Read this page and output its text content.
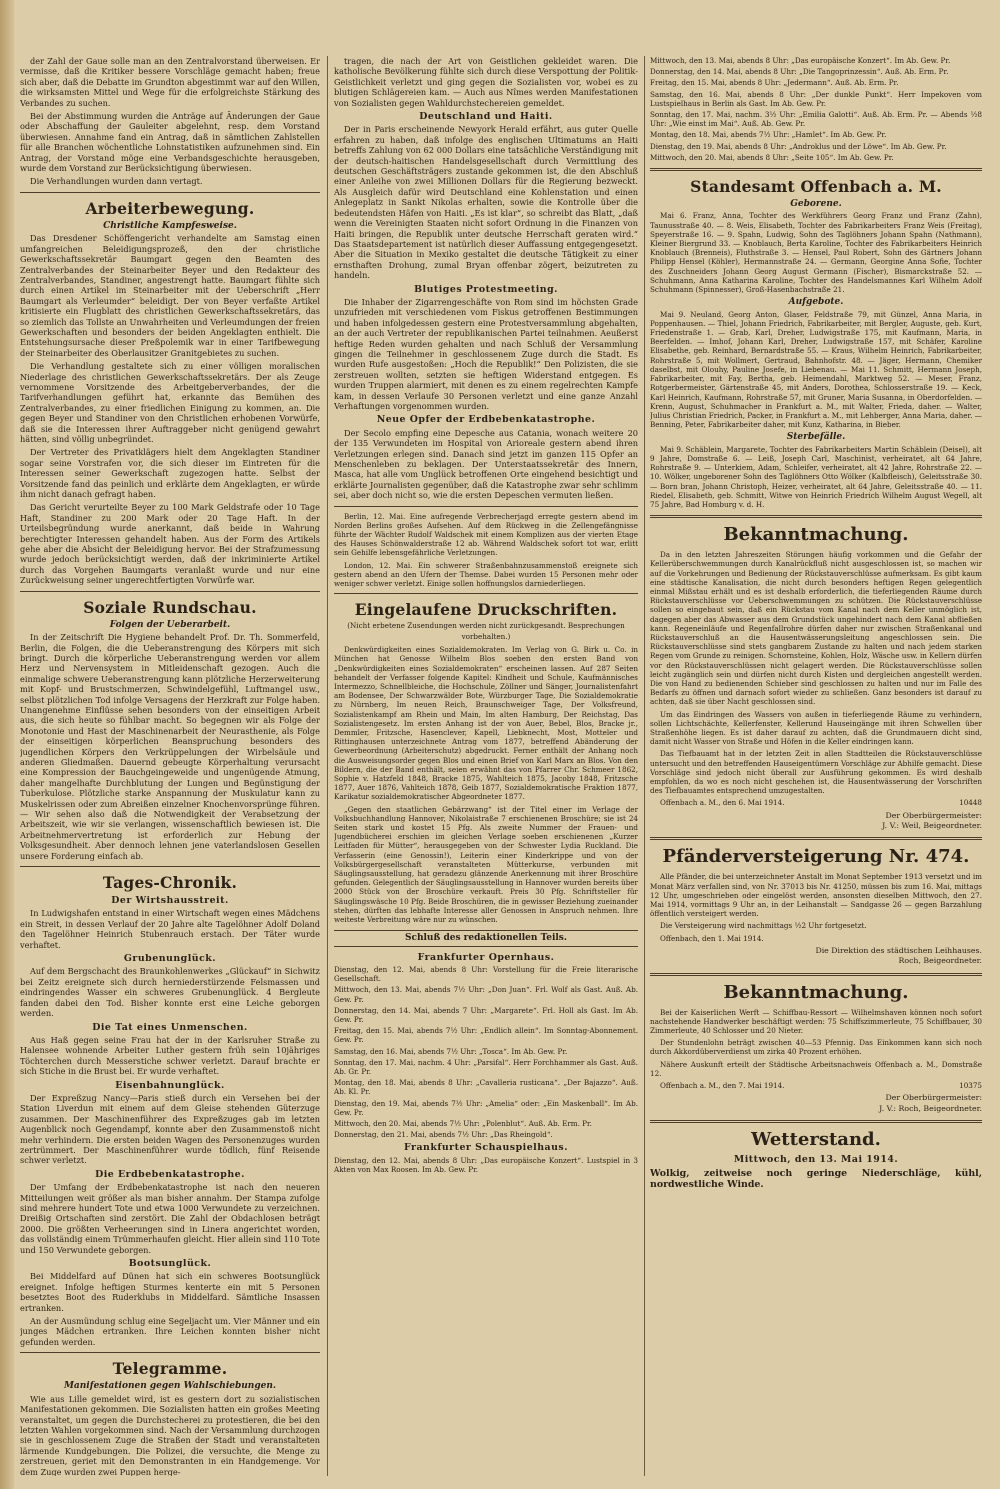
der Zahl der Gaue solle man an den Zentralvorstand überweisen. Er vermisse, daß die Kritiker bessere Vorschläge gemacht haben; freue sich aber, daß die Debatte im Grundton abgestimmt war auf den Willen, die wirksamsten Mittel und Wege für die erfolgreichste Stärkung des Verbandes zu suchen.

Bei der Abstimmung wurden die Anträge auf Änderungen der Gaue oder Abschaffung der Gauleiter abgelehnt, resp. dem Vorstand überwiesen. Annahme fand ein Antrag, daß in sämtlichen Zahlstellen für alle Branchen wöchentliche Lohnstatistiken aufzunehmen sind. Ein Antrag, der Vorstand möge eine Verbandsgeschichte herausgeben, wurde dem Vorstand zur Berücksichtigung überwiesen.

Die Verhandlungen wurden dann vertagt.

Arbeiterbewegung.
Christliche Kampfesweise.

Das Dresdener Schöffengericht verhandelte am Samstag einen umfangreichen Beleidigungsprozeß, den der christliche Gewerkschaftssekretär Baumgart gegen den Beamten des Zentralverbandes der Steinarbeiter Beyer und den Redakteur des Zentralverbandes, Standiner, angestrengt hatte. Baumgart fühlte sich durch einen Artikel im Steinarbeiter mit der Ueberschrift „Herr Baumgart als Verleumder“ beleidigt. Der von Beyer verfaßte Artikel kritisierte ein Flugblatt des christlichen Gewerkschaftssekretärs, das so ziemlich das Tollste an Unwahrheiten und Verleumdungen der freien Gewerkschaften und besonders der beiden Angeklagten enthielt. Die Entstehungsursache dieser Preßpolemik war in einer Tarifbewegung der Steinarbeiter des Oberlausitzer Granitgebietes zu suchen.

Die Verhandlung gestaltete sich zu einer völligen moralischen Niederlage des christlichen Gewerkschaftssekretärs. Der als Zeuge vernommene Vorsitzende des Arbeitgeberverbandes, der die Tarifverhandlungen geführt hat, erkannte das Bemühen des Zentralverbandes, zu einer friedlichen Einigung zu kommen, an. Die gegen Beyer und Standiner von den Christlichen erhobenen Vorwürfe, daß sie die Interessen ihrer Auftraggeber nicht genügend gewahrt hätten, sind völlig unbegründet.

Der Vertreter des Privatklägers hielt dem Angeklagten Standiner sogar seine Vorstrafen vor, die sich dieser im Eintreten für die Interessen seiner Gewerkschaft zugezogen hatte. Selbst der Vorsitzende fand das peinlich und erklärte dem Angeklagten, er würde ihm nicht danach gefragt haben.

Das Gericht verurteilte Beyer zu 100 Mark Geldstrafe oder 10 Tage Haft, Standiner zu 200 Mark oder 20 Tage Haft. In der Urteilsbegründung wurde anerkannt, daß beide in Wahrung berechtigter Interessen gehandelt haben. Aus der Form des Artikels gehe aber die Absicht der Beleidigung hervor. Bei der Strafzumessung wurde jedoch berücksichtigt werden, daß der inkriminierte Artikel durch das Vorgehen Baumgarts veranlaßt wurde und nur eine Zurückweisung seiner ungerechtfertigten Vorwürfe war.

Soziale Rundschau.
Folgen der Ueberarbeit.

In der Zeitschrift Die Hygiene behandelt Prof. Dr. Th. Sommerfeld, Berlin, die Folgen, die die Ueberanstrengung des Körpers mit sich bringt. Durch die körperliche Ueberanstrengung werden vor allem Herz und Nervensystem in Mitleidenschaft gezogen. Auch die einmalige schwere Ueberanstrengung kann plötzliche Herzerweiterung mit Kopf- und Brustschmerzen, Schwindelgefühl, Luftmangel usw., selbst plötzlichen Tod infolge Versagens der Herzkraft zur Folge haben. Unangenehme Einflüsse sehen besonders von der einseitigen Arbeit aus, die sich heute so fühlbar macht. So begegnen wir als Folge der Monotonie und Hast der Maschinenarbeit der Neurasthenie, als Folge der einseitigen körperlichen Beanspruchung besonders des jugendlichen Körpers den Verkrüppelungen der Wirbelsäule und anderen Gliedmaßen. Dauernd gebeugte Körperhaltung verursacht eine Kompression der Bauchgeingeweide und ungenügende Atmung, daher mangelhafte Durchblutung der Lungen und Begünstigung der Tuberkulose. Plötzliche starke Anspannung der Muskulatur kann zu Muskelrissen oder zum Abreißen einzelner Knochenvorsprünge führen. — Wir sehen also daß die Notwendigkeit der Verabsetzung der Arbeitszeit, wie wir sie verlangen, wissenschaftlich bewiesen ist. Die Arbeitnehmervertretung ist erforderlich zur Hebung der Volksgesundheit. Aber dennoch lehnen jene vaterlandslosen Gesellen unsere Forderung einfach ab.

Tages-Chronik.
Der Wirtshausstreit.

In Ludwigshafen entstand in einer Wirtschaft wegen eines Mädchens ein Streit, in dessen Verlauf der 20 Jahre alte Tagelöhner Adolf Doland den Tagelöhner Heinrich Stubenrauch erstach. Der Täter wurde verhaftet.

Grubenunglück.

Auf dem Bergschacht des Braunkohlenwerkes „Glückauf“ in Sichwitz bei Zeitz ereignete sich durch herniederstürzende Felsmassen und eindringendes Wasser ein schweres Grubenunglück. 4 Bergleute fanden dabei den Tod. Bisher konnte erst eine Leiche geborgen werden.

Die Tat eines Unmenschen.

Aus Haß gegen seine Frau hat der in der Karlsruher Straße zu Halensee wohnende Arbeiter Luther gestern früh sein 10jähriges Töchterchen durch Messerstiche schwer verletzt. Darauf brachte er sich Stiche in die Brust bei. Er wurde verhaftet.

Eisenbahnunglück.

Der Expreßzug Nancy—Paris stieß durch ein Versehen bei der Station Liverdun mit einem auf dem Gleise stehenden Güterzuge zusammen. Der Maschinenführer des Expreßzuges gab im letzten Augenblick noch Gegendampf, konnte aber den Zusammenstoß nicht mehr verhindern. Die ersten beiden Wagen des Personenzuges wurden zertrümmert. Der Maschinenführer wurde tödlich, fünf Reisende schwer verletzt.

Die Erdbebenkatastrophe.

Der Umfang der Erdbebenkatastrophe ist nach den neueren Mitteilungen weit größer als man bisher annahm. Der Stampa zufolge sind mehrere hundert Tote und etwa 1000 Verwundete zu verzeichnen. Dreißig Ortschaften sind zerstört. Die Zahl der Obdachlosen beträgt 2000. Die größten Verheerungen sind in Linera angerichtet worden, das vollständig einem Trümmerhaufen gleicht. Hier allein sind 110 Tote und 150 Verwundete geborgen.

Bootsunglück.

Bei Middelfard auf Dünen hat sich ein schweres Bootsunglück ereignet. Infolge heftigen Sturmes kenterte ein mit 5 Personen besetztes Boot des Ruderklubs in Middelfard. Sämtliche Insassen ertranken.

An der Ausmündung schlug eine Segeljacht um. Vier Männer und ein junges Mädchen ertranken. Ihre Leichen konnten bisher nicht gefunden werden.

Telegramme.
Manifestationen gegen Wahlschiebungen.

Wie aus Lille gemeldet wird, ist es gestern dort zu sozialistischen Manifestationen gekommen. Die Sozialisten hatten ein großes Meeting veranstaltet, um gegen die Durchstecherei zu protestieren, die bei den letzten Wahlen vorgekommen sind. Nach der Versammlung durchzogen sie in geschlossenem Zuge die Straßen der Stadt und veranstalteten lärmende Kundgebungen. Die Polizei, die versuchte, die Menge zu zerstreuen, geriet mit den Demonstranten in ein Handgemenge. Vor dem Zuge wurden zwei Puppen herge-

tragen, die nach der Art von Geistlichen gekleidet waren. Die katholische Bevölkerung fühlte sich durch diese Verspottung der Politik-Geistlichkeit verletzt und ging gegen die Sozialisten vor, wobei es zu blutigen Schlägereien kam. — Auch aus Nîmes werden Manifestationen von Sozialisten gegen Wahldurchstechereien gemeldet.

Deutschland und Haiti.

Der in Paris erscheinende Newyork Herald erfährt, aus guter Quelle erfahren zu haben, daß infolge des englischen Ultimatums an Haiti betreffs Zahlung von 62 000 Dollars eine tatsächliche Verständigung mit der deutsch-haitischen Handelsgesellschaft durch Vermittlung des deutschen Geschäftsträgers zustande gekommen ist, die den Abschluß einer Anleihe von zwei Millionen Dollars für die Regierung bezweckt. Als Ausgleich dafür wird Deutschland eine Kohlenstation und einen Anlegeplatz in Sankt Nikolas erhalten, sowie die Kontrolle über die bedeutendsten Häfen von Haiti. „Es ist klar“, so schreibt das Blatt, „daß wenn die Vereinigten Staaten nicht sofort Ordnung in die Finanzen von Haiti bringen, die Republik unter deutsche Herrschaft geraten wird.“ Das Staatsdepartement ist natürlich dieser Auffassung entgegengesetzt. Aber die Situation in Mexiko gestaltet die deutsche Tätigkeit zu einer ernsthaften Drohung, zumal Bryan offenbar zögert, beizutreten zu handeln.

Blutiges Protestmeeting.

Die Inhaber der Zigarrengeschäfte von Rom sind im höchsten Grade unzufrieden mit verschiedenen vom Fiskus getroffenen Bestimmungen und haben infolgedessen gestern eine Protestversammlung abgehalten, an der auch Vertreter der republikanischen Partei teilnahmen. Aeußerst heftige Reden wurden gehalten und nach Schluß der Versammlung gingen die Teilnehmer in geschlossenem Zuge durch die Stadt. Es wurden Rufe ausgestoßen: „Hoch die Republik!“ Den Polizisten, die sie zerstreuen wollten, setzten sie heftigen Widerstand entgegen. Es wurden Truppen alarmiert, mit denen es zu einem regelrechten Kampfe kam, in dessen Verlaufe 30 Personen verletzt und eine ganze Anzahl Verhaftungen vorgenommen wurden.

Neue Opfer der Erdbebenkatastrophe.

Der Secolo empfing eine Depesche aus Catania, wonach weitere 20 der 135 Verwundeten im Hospital von Arioreale gestern abend ihren Verletzungen erlegen sind. Danach sind jetzt im ganzen 115 Opfer an Menschenleben zu beklagen. Der Unterstaatssekretär des Innern, Masca, hat alle vom Unglück betroffenen Orte eingehend besichtigt und erklärte Journalisten gegenüber, daß die Katastrophe zwar sehr schlimm sei, aber doch nicht so, wie die ersten Depeschen vermuten ließen.

Berlin, 12. Mai. Eine aufregende Verbrecherjagd erregte gestern abend im Norden Berlins großes Aufsehen. Auf dem Rückweg in die Zellengefängnisse führte der Wächter Rudolf Waldschek mit einem Komplizen aus der vierten Etage des Hauses Schönwalderstraße 12 ab. Während Waldschek sofort tot war, erlitt sein Gehilfe lebensgefährliche Verletzungen.

London, 12. Mai. Ein schwerer Straßenbahnzusammenstoß ereignete sich gestern abend an den Ufern der Themse. Dabei wurden 15 Personen mehr oder weniger schwer verletzt. Einige sollen hoffnungslos darniederliegen.

Eingelaufene Druckschriften.
(Nicht erbetene Zusendungen werden nicht zurückgesandt. Besprechungen vorbehalten.)

Denkwürdigkeiten eines Sozialdemokraten. Im Verlag von G. Birk u. Co. in München hat Genosse Wilhelm Blos soeben den ersten Band von „Denkwürdigkeiten eines Sozialdemokraten“ erscheinen lassen. Auf 287 Seiten behandelt der Verfasser folgende Kapitel: Kindheit und Schule, Kaufmännisches Intermezzo, Schnellbleiche, die Hochschule, Zöllner und Sänger, Journalistenfahrt am Bodensee, Der Schwarzwälder Bote, Würzburger Tage, Die Sozialdemokratie zu Nürnberg, Im neuen Reich, Braunschweiger Tage, Der Volksfreund, Sozialistenkampf am Rhein und Main, Im alten Hamburg, Der Reichstag, Das Sozialistengesetz. Im ersten Anhang ist der von Auer, Bebel, Blos, Bracke jr., Demmler, Fritzsche, Hasenclever, Kapell, Liebknecht, Most, Motteler und Rittinghausen unterzeichnete Antrag vom 1877, betreffend Abänderung der Gewerbeordnung (Arbeiterschutz) abgedruckt. Ferner enthält der Anhang noch die Ausweisungsorder gegen Blos und einen Brief von Karl Marx an Blos. Von den Bildern, die der Band enthält, seien erwähnt das von Pfarrer Chr. Schmeer 1862, Sophie v. Hatzfeld 1848, Bracke 1875, Wahlteich 1875, Jacoby 1848, Fritzsche 1877, Auer 1876, Vahlteich 1878, Geib 1877, Sozialdemokratische Fraktion 1877, Karikatur sozialdemokratischer Abgeordneter 1877.

„Gegen den staatlichen Gebärzwang“ ist der Titel einer im Verlage der Volksbuchhandlung Hannover, Nikolaistraße 7 erschienenen Broschüre; sie ist 24 Seiten stark und kostet 15 Pfg. Als zweite Nummer der Frauen- und Jugendbücherei erschien im gleichen Verlage soeben erschienenen „Kurzer Leitfaden für Mütter“, herausgegeben von der Schwester Lydia Ruckland. Die Verfasserin (eine Genossin!), Leiterin einer Kinderkrippe und von der Volksbürgergesellschaft veranstalteten Mütterkurse, verbunden mit Säuglingsausstellung, hat geradezu glänzende Anerkennung mit ihrer Broschüre gefunden. Gelegentlich der Säuglingsausstellung in Hannover wurden bereits über 2000 Stück von der Broschüre verkauft. Preis 30 Pfg. Schriftsteller für Säuglingswäsche 10 Pfg. Beide Broschüren, die in gewisser Beziehung zueinander stehen, dürften das lebhafte Interesse aller Genossen in Anspruch nehmen. Ihre weiteste Verbreitung wäre nur zu wünschen.

Schluß des redaktionellen Teils.
Frankfurter Opernhaus.

Dienstag, den 12. Mai, abends 8 Uhr: Vorstellung für die Freie literarische Gesellschaft.

Mittwoch, den 13. Mai, abends 7½ Uhr: „Don Juan“. Frl. Wolf als Gast. Auß. Ab. Gew. Pr.

Donnerstag, den 14. Mai, abends 7 Uhr: „Margarete“. Frl. Holl als Gast. Im Ab. Gew. Pr.

Freitag, den 15. Mai, abends 7½ Uhr: „Endlich allein“. Im Sonntag-Abonnement. Gew. Pr.

Samstag, den 16. Mai, abends 7½ Uhr: „Tosca“. Im Ab. Gew. Pr.

Sonntag, den 17. Mai, nachm. 4 Uhr: „Parsifal“. Herr Forchhammer als Gast. Auß. Ab. Gr. Pr.

Montag, den 18. Mai, abends 8 Uhr: „Cavalleria rusticana“. „Der Bajazzo“. Auß. Ab. Kl. Pr.

Dienstag, den 19. Mai, abends 7½ Uhr: „Amelia“ oder: „Ein Maskenball“. Im Ab. Gew. Pr.

Mittwoch, den 20. Mai, abends 7½ Uhr: „Polenblut“. Auß. Ab. Erm. Pr.

Donnerstag, den 21. Mai, abends 7½ Uhr: „Das Rheingold“.

Frankfurter Schauspielhaus.

Dienstag, den 12. Mai, abends 8 Uhr: „Das europäische Konzert“. Lustspiel in 3 Akten von Max Roosen. Im Ab. Gew. Pr.

Mittwoch, den 13. Mai, abends 8 Uhr: „Das europäische Konzert“. Im Ab. Gew. Pr.

Donnerstag, den 14. Mai, abends 8 Uhr: „Die Tangoprinzessin“. Auß. Ab. Erm. Pr.

Freitag, den 15. Mai, abends 8 Uhr: „Jedermann“. Auß. Ab. Erm. Pr.

Samstag, den 16. Mai, abends 8 Uhr: „Der dunkle Punkt“. Herr Impekoven vom Lustspielhaus in Berlin als Gast. Im Ab. Gew. Pr.

Sonntag, den 17. Mai, nachm. 3½ Uhr: „Emilia Galotti“. Auß. Ab. Erm. Pr. — Abends ½8 Uhr: „Wie einst im Mai“. Auß. Ab. Gew. Pr.

Montag, den 18. Mai, abends 7½ Uhr: „Hamlet“. Im Ab. Gew. Pr.

Dienstag, den 19. Mai, abends 8 Uhr: „Androklus und der Löwe“. Im Ab. Gew. Pr.

Mittwoch, den 20. Mai, abends 8 Uhr: „Seite 105“. Im Ab. Gew. Pr.

Standesamt Offenbach a. M.
Geborene.

Mai 6. Franz, Anna, Tochter des Werkführers Georg Franz und Franz (Zahn), Taunusstraße 40. — 8. Weis, Elisabeth, Tochter des Fabrikarbeiters Franz Weis (Freitag), Speyerstraße 16. — 9. Spahn, Ludwig, Sohn des Taglöhners Johann Spahn (Nathmann), Kleiner Biergrund 33. — Knoblauch, Berta Karoline, Tochter des Fabrikarbeiters Heinrich Knoblauch (Brenneis), Fluthstraße 3. — Hensel, Paul Robert, Sohn des Gärtners Johann Philipp Hensel (Köhler), Hermannstraße 24. — Germann, Georgine Anna Sofie, Tochter des Zuschneiders Johann Georg August Germann (Fischer), Bismarckstraße 52. — Schuhmann, Anna Katharina Karoline, Tochter des Handelsmannes Karl Wilhelm Adolf Schuhmann (Spinnesser), Groß-Hasenbachstraße 21.

Aufgebote.

Mai 9. Neuland, Georg Anton, Glaser, Feldstraße 79, mit Günzel, Anna Maria, in Poppenhausen. — Thiel, Johann Friedrich, Fabrikarbeiter, mit Bergler, Auguste, geb. Kurt, Friedenstraße 1. — Grab, Karl, Dreher, Ludwigstraße 175, mit Kaufmann, Maria, in Beerfelden. — Imhof, Johann Karl, Dreher, Ludwigstraße 157, mit Schäfer, Karoline Elisabethe, geb. Reinhard, Bernardstraße 55. — Kraus, Wilhelm Heinrich, Fabrikarbeiter, Rohrstraße 5, mit Wollmert, Gertraud, Bahnhofstr. 48. — Jäger, Hermann, Chemiker daselbst, mit Olouhy, Pauline Josefe, in Liebenau. — Mai 11. Schmitt, Hermann Joseph, Fabrikarbeiter, mit Fay, Bertha, geb. Heimendahl, Marktweg 52. — Meser, Franz, Rotgerbermeister, Gärtenstraße 45, mit Anders, Dorothea, Schlosserstraße 19. — Keck, Karl Heinrich, Kaufmann, Rohrstraße 57, mit Gruner, Maria Susanna, in Oberdorfelden. — Krenn, August, Schuhmacher in Frankfurt a. M., mit Walter, Frieda, daher. — Walter, Julius Christian Friedrich, Packer, in Frankfurt a. M., mit Lehberger, Anna Maria, daher. — Benning, Peter, Fabrikarbeiter daher, mit Kunz, Katharina, in Bieber.

Sterbefälle.

Mai 9. Schäblein, Margarete, Tochter des Fabrikarbeiters Martin Schäblein (Deisel), alt 9 Jahre, Domstraße 6. — Leiß, Joseph Carl, Maschinist, verheiratet, alt 64 Jahre, Rohrstraße 9. — Unterkiem, Adam, Schleifer, verheiratet, alt 42 Jahre, Rohrstraße 22. — 10. Wölker, ungeborener Sohn des Taglöhners Otto Wölker (Kalbfleisch), Geleitsstraße 30. — Born bran, Johann Christoph, Heizer, verheiratet, alt 64 Jahre, Geleitsstraße 40. — 11. Riedel, Elisabeth, geb. Schmitt, Witwe von Heinrich Friedrich Wilhelm August Wegell, alt 75 Jahre, Bad Homburg v. d. H.

Bekanntmachung.

Da in den letzten Jahreszeiten Störungen häufig vorkommen und die Gefahr der Kellerüberschwemmungen durch Kanalrückfluß nicht ausgeschlossen ist, so machen wir auf die Vorkehrungen und Bedienung der Rückstauverschlüsse aufmerksam. Es gibt kaum eine städtische Kanalisation, die nicht durch besonders heftigen Regen gelegentlich einmal Mißstau erhält und es ist deshalb erforderlich, die tieferliegenden Räume durch Rückstauverschlüsse vor Ueberschwemmungen zu schützen. Die Rückstauverschlüsse sollen so eingebaut sein, daß ein Rückstau vom Kanal nach dem Keller unmöglich ist, dagegen aber das Abwasser aus dem Grundstück ungehindert nach dem Kanal abfließen kann. Regeneinläufe und Regenfallrohre dürfen daher nur zwischen Straßenkanal und Rückstauverschluß an die Hausentwässerungsleitung angeschlossen sein. Die Rückstauverschlüsse sind stets gangbarem Zustande zu halten und nach jedem starken Regen vom Grunde zu reinigen. Schornsteine, Kohlen, Holz, Wäsche usw. in Kellern dürfen vor den Rückstauverschlüssen nicht gelagert werden. Die Rückstauverschlüsse sollen leicht zugänglich sein und dürfen nicht durch Kisten und dergleichen angestellt werden. Die von Hand zu bedienenden Schieber sind geschlossen zu halten und nur im Falle des Bedarfs zu öffnen und darnach sofort wieder zu schließen. Ganz besonders ist darauf zu achten, daß sie über Nacht geschlossen sind.

Um das Eindringen des Wassers von außen in tieferliegende Räume zu verhindern, sollen Lichtschächte, Kellerfenster, Kellerund Hauseingänge mit ihren Schwellen über Straßenhöhe liegen. Es ist daher darauf zu achten, daß die Grundmauern dicht sind, damit nicht Wasser von Straße und Höfen in die Keller eindringen kann.

Das Tiefbauamt hat in der letzten Zeit in allen Stadtteilen die Rückstauverschlüsse untersucht und den betreffenden Hauseigentümern Vorschläge zur Abhilfe gemacht. Diese Vorschläge sind jedoch nicht überall zur Ausführung gekommen. Es wird deshalb empfohlen, da wo es noch nicht geschehen ist, die Hausentwässerung der Vorschriften des Tiefbauamtes entsprechend umzugestalten.

Offenbach a. M., den 6. Mai 1914.	10448

Der Oberbürgermeister:
J. V.: Weil, Beigeordneter.
Pfänderversteigerung Nr. 474.

Alle Pfänder, die bei unterzeichneter Anstalt im Monat September 1913 versetzt und im Monat März verfallen sind, von Nr. 37013 bis Nr. 41250, müssen bis zum 16. Mai, mittags 12 Uhr, umgeschrieben oder eingelöst werden, ansonsten dieselben Mittwoch, den 27. Mai 1914, vormittags 9 Uhr an, in der Leihanstalt — Sandgasse 26 — gegen Barzahlung öffentlich versteigert werden.

Die Versteigerung wird nachmittags ½2 Uhr fortgesetzt.

Offenbach, den 1. Mai 1914.

Die Direktion des städtischen Leihhauses.
Roch, Beigeordneter.
Bekanntmachung.

Bei der Kaiserlichen Werft — Schiffbau-Ressort — Wilhelmshaven können noch sofort nachstehende Handwerker beschäftigt werden: 75 Schiffszimmerleute, 75 Schiffbauer, 30 Zimmerleute, 40 Schlosser und 20 Nieter.

Der Stundenlohn beträgt zwischen 40—53 Pfennig. Das Einkommen kann sich noch durch Akkordüberverdienst um zirka 40 Prozent erhöhen.

Nähere Auskunft erteilt der Städtische Arbeitsnachweis Offenbach a. M., Domstraße 12.

Offenbach a. M., den 7. Mai 1914.	10375

Der Oberbürgermeister:
J. V.: Roch, Beigeordneter.
Wetterstand.
Mittwoch, den 13. Mai 1914.
Wolkig, zeitweise noch geringe Niederschläge, kühl, nordwestliche Winde.
